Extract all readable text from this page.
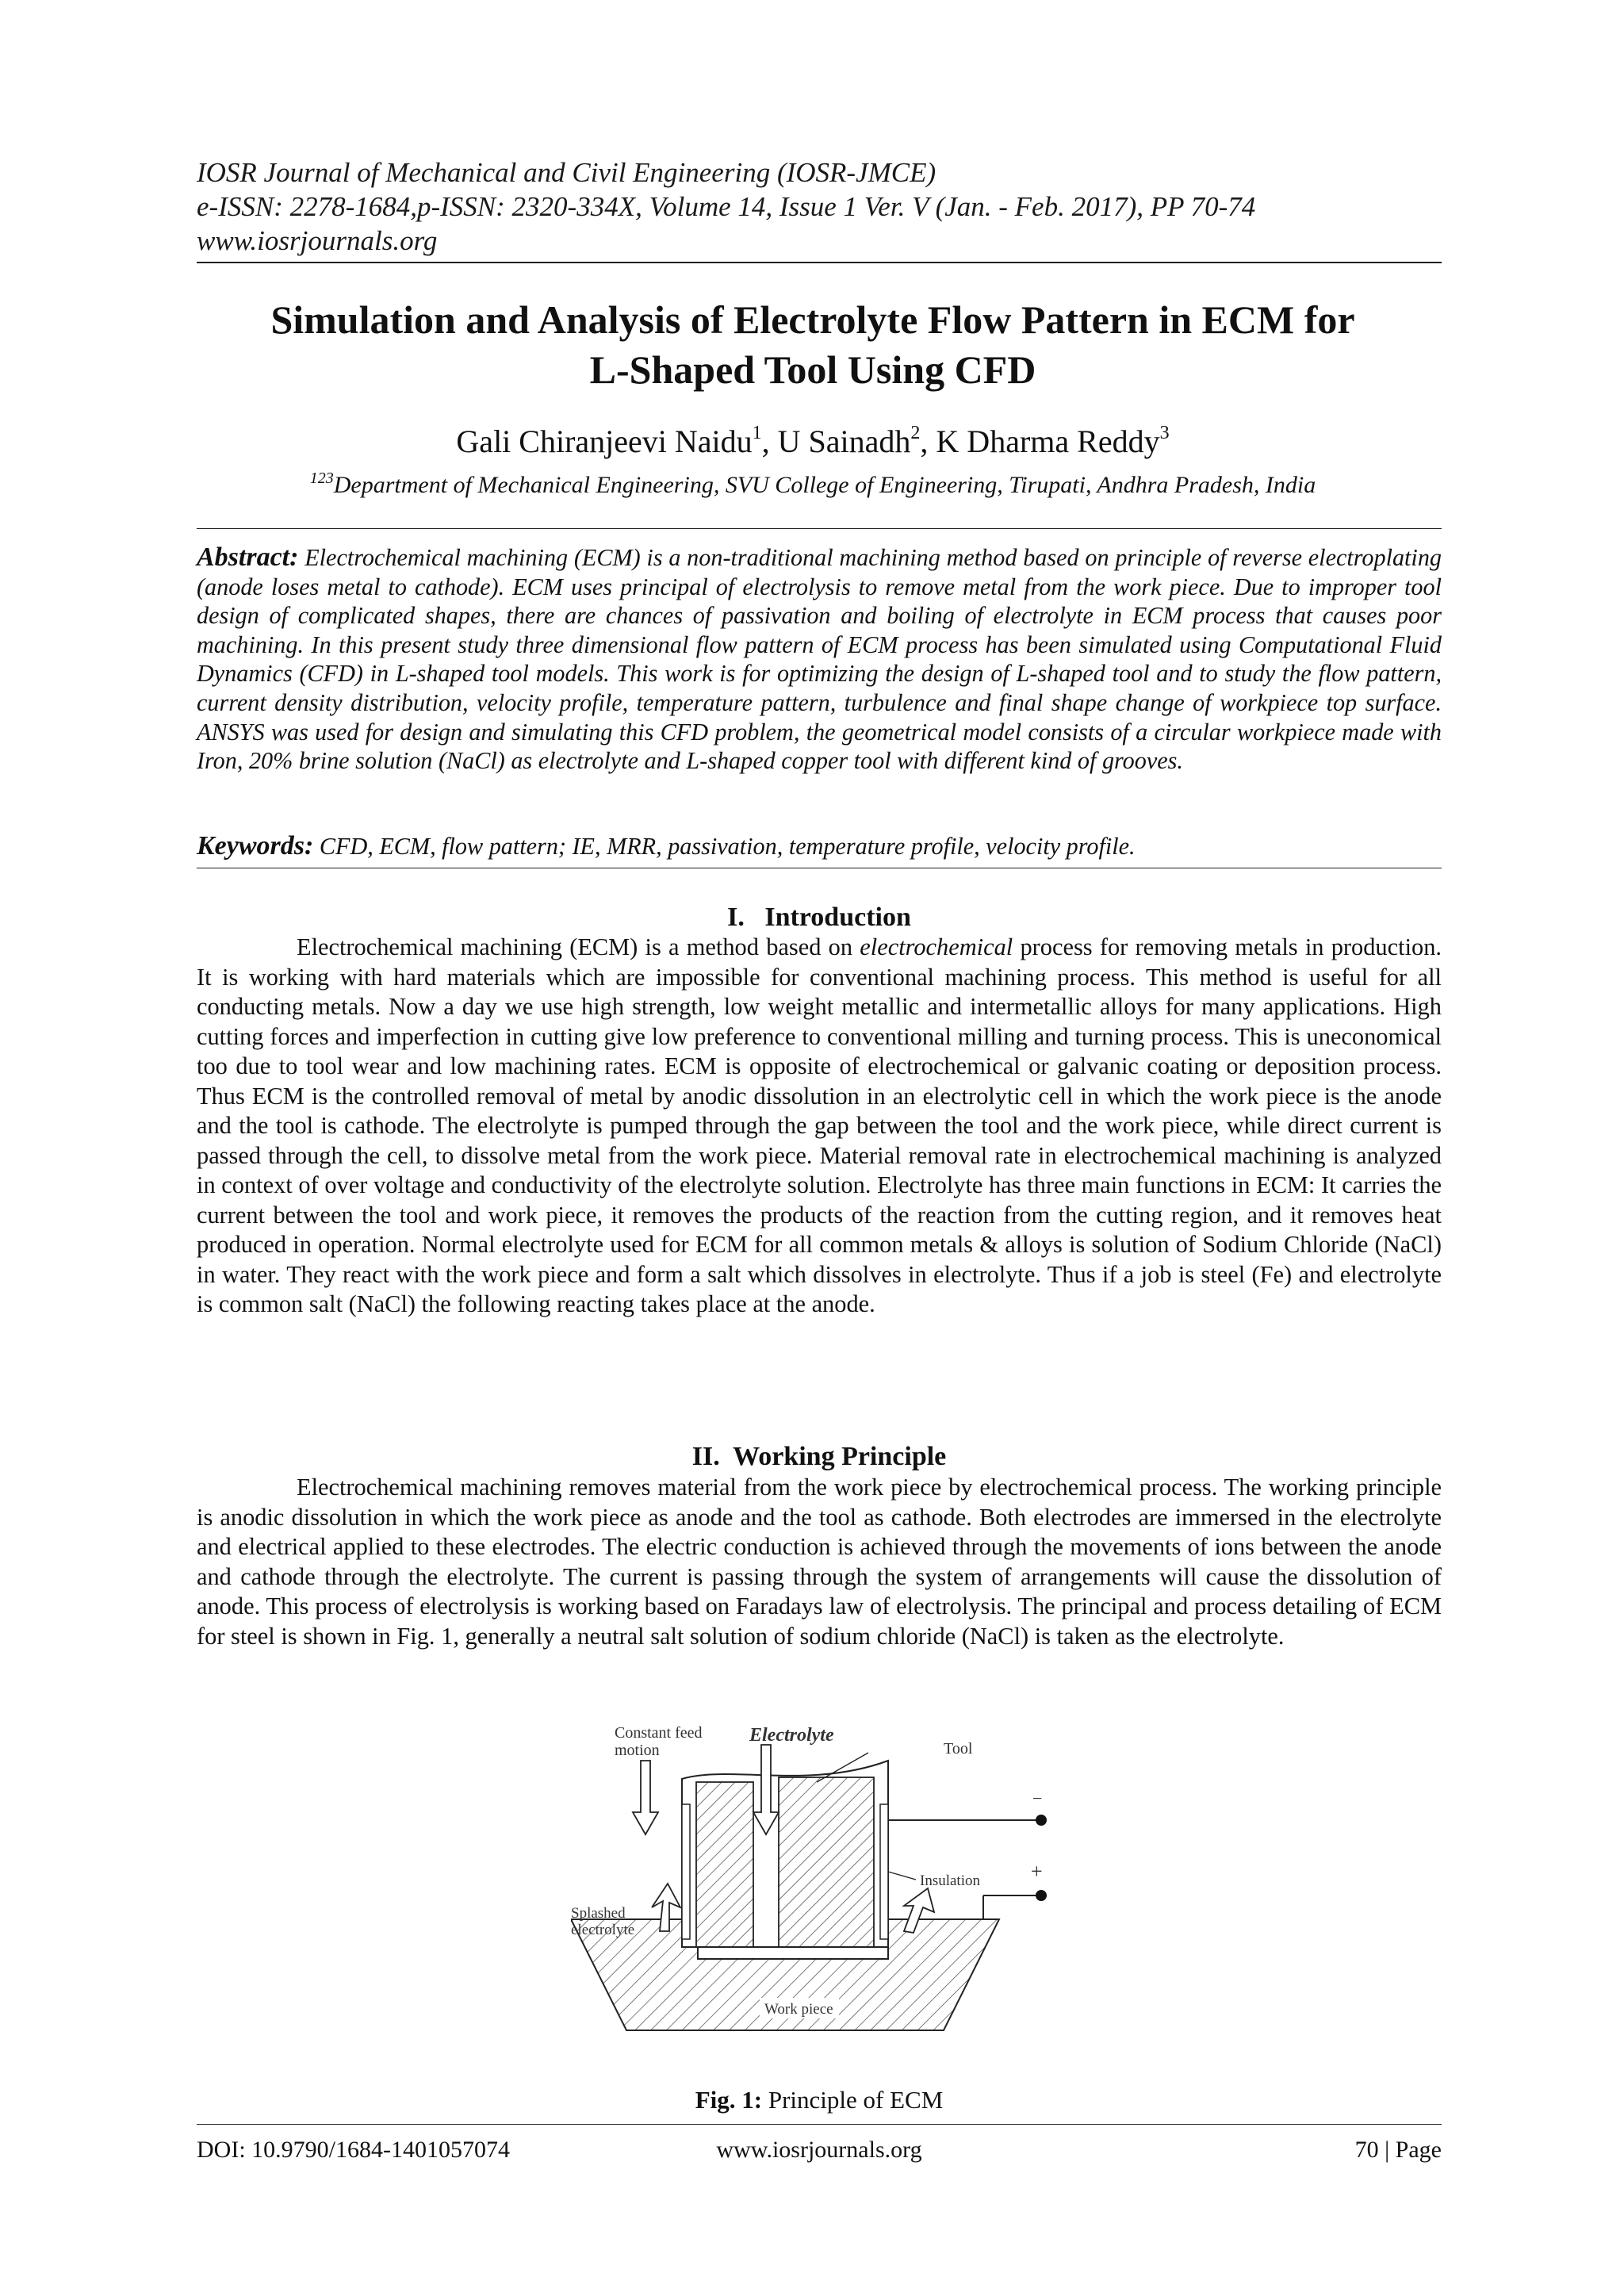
IOSR Journal of Mechanical and Civil Engineering (IOSR-JMCE)
e-ISSN: 2278-1684,p-ISSN: 2320-334X, Volume 14, Issue 1 Ver. V (Jan. - Feb. 2017), PP 70-74
www.iosrjournals.org
Simulation and Analysis of Electrolyte Flow Pattern in ECM for
L-Shaped Tool Using CFD
Gali Chiranjeevi Naidu$^1$, U Sainadh$^2$, K Dharma Reddy$^3$
$^{123}$Department of Mechanical Engineering, SVU College of Engineering, Tirupati, Andhra Pradesh, India
Abstract: Electrochemical machining (ECM) is a non-traditional machining method based on principle of reverse electroplating (anode loses metal to cathode). ECM uses principal of electrolysis to remove metal from the work piece. Due to improper tool design of complicated shapes, there are chances of passivation and boiling of electrolyte in ECM process that causes poor machining. In this present study three dimensional flow pattern of ECM process has been simulated using Computational Fluid Dynamics (CFD) in L-shaped tool models. This work is for optimizing the design of L-shaped tool and to study the flow pattern, current density distribution, velocity profile, temperature pattern, turbulence and final shape change of workpiece top surface. ANSYS was used for design and simulating this CFD problem, the geometrical model consists of a circular workpiece made with Iron, 20% brine solution (NaCl) as electrolyte and L-shaped copper tool with different kind of grooves.
Keywords: CFD, ECM, flow pattern; IE, MRR, passivation, temperature profile, velocity profile.
I.   Introduction
Electrochemical machining (ECM) is a method based on electrochemical process for removing metals in production. It is working with hard materials which are impossible for conventional machining process. This method is useful for all conducting metals. Now a day we use high strength, low weight metallic and intermetallic alloys for many applications. High cutting forces and imperfection in cutting give low preference to conventional milling and turning process. This is uneconomical too due to tool wear and low machining rates. ECM is opposite of electrochemical or galvanic coating or deposition process. Thus ECM is the controlled removal of metal by anodic dissolution in an electrolytic cell in which the work piece is the anode and the tool is cathode. The electrolyte is pumped through the gap between the tool and the work piece, while direct current is passed through the cell, to dissolve metal from the work piece. Material removal rate in electrochemical machining is analyzed in context of over voltage and conductivity of the electrolyte solution. Electrolyte has three main functions in ECM: It carries the current between the tool and work piece, it removes the products of the reaction from the cutting region, and it removes heat produced in operation. Normal electrolyte used for ECM for all common metals & alloys is solution of Sodium Chloride (NaCl) in water. They react with the work piece and form a salt which dissolves in electrolyte. Thus if a job is steel (Fe) and electrolyte is common salt (NaCl) the following reacting takes place at the anode.
II.  Working Principle
Electrochemical machining removes material from the work piece by electrochemical process. The working principle is anodic dissolution in which the work piece as anode and the tool as cathode. Both electrodes are immersed in the electrolyte and electrical applied to these electrodes. The electric conduction is achieved through the movements of ions between the anode and cathode through the electrolyte. The current is passing through the system of arrangements will cause the dissolution of anode. This process of electrolysis is working based on Faradays law of electrolysis. The principal and process detailing of ECM for steel is shown in Fig. 1, generally a neutral salt solution of sodium chloride (NaCl) is taken as the electrolyte.
Constant feed
motion
Electrolyte
Tool
−
Insulation +
Splashed
electrolyte
Work piece
Fig. 1: Principle of ECM
DOI: 10.9790/1684-1401057074	www.iosrjournals.org	70 | Page
